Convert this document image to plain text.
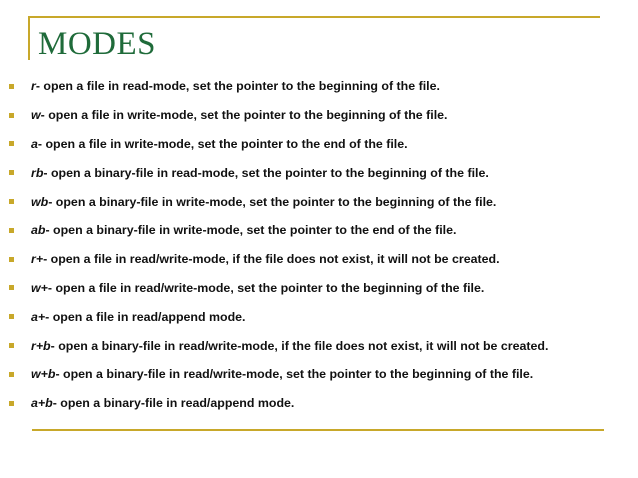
MODES
r - open a file in read-mode, set the pointer to the beginning of the file.
w - open a file in write-mode, set the pointer to the beginning of the file.
a - open a file in write-mode, set the pointer to the end of the file.
rb - open a binary-file in read-mode, set the pointer to the beginning of the file.
wb - open a binary-file in write-mode, set the pointer to the beginning of the file.
ab - open a binary-file in write-mode, set the pointer to the end of the file.
r+ - open a file in read/write-mode, if the file does not exist, it will not be created.
w+ - open a file in read/write-mode, set the pointer to the beginning of the file.
a+ - open a file in read/append mode.
r+b - open a binary-file in read/write-mode, if the file does not exist, it will not be created.
w+b - open a binary-file in read/write-mode, set the pointer to the beginning of the file.
a+b - open a binary-file in read/append mode.
